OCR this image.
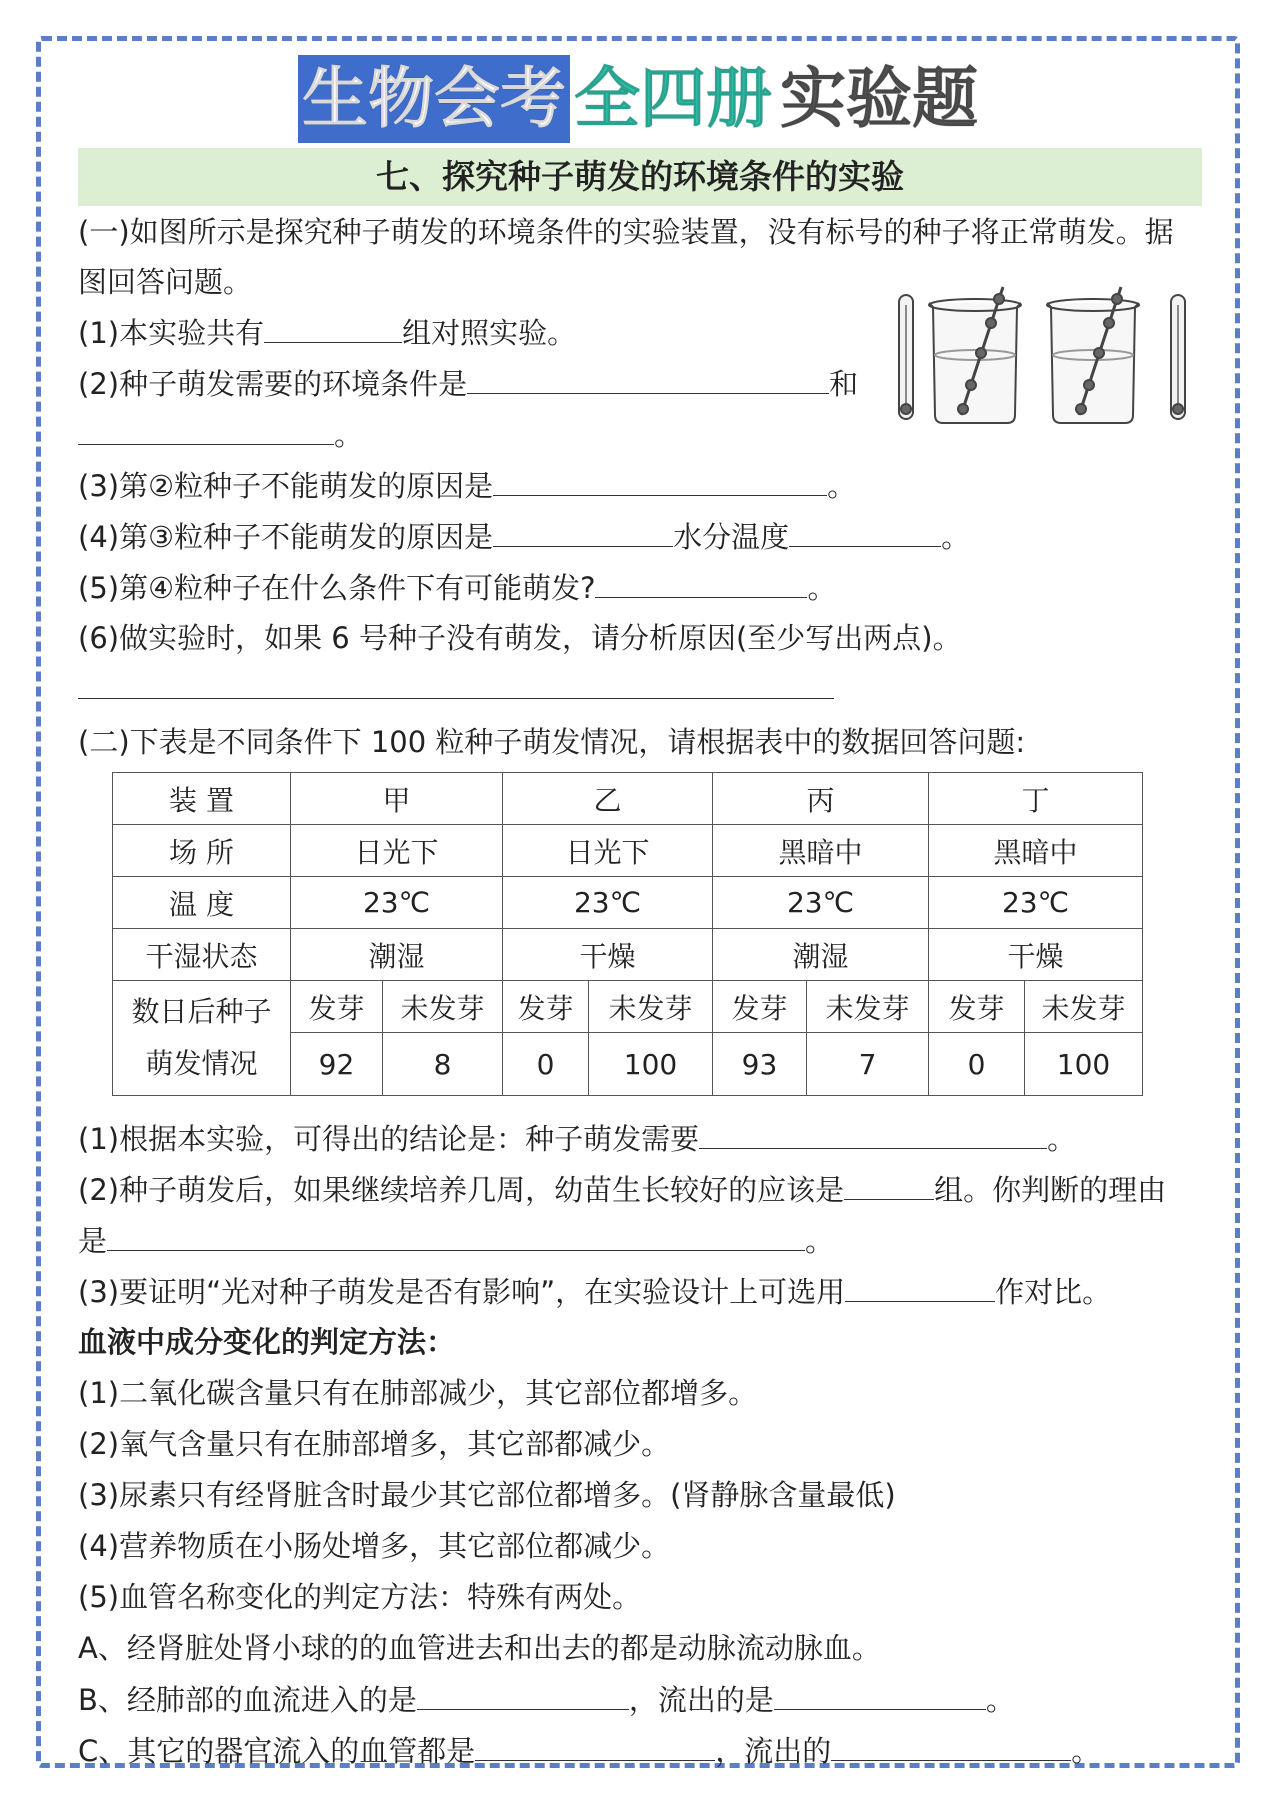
生物会考 全四册 实验题
七、探究种子萌发的环境条件的实验
(一)如图所示是探究种子萌发的环境条件的实验装置，没有标号的种子将正常萌发。据
图回答问题。
(1)本实验共有	组对照实验。
(2)种子萌发需要的环境条件是	和
。
(3)第②粒种子不能萌发的原因是	。
(4)第③粒种子不能萌发的原因是	水分温度	。
(5)第④粒种子在什么条件下有可能萌发?	。
(6)做实验时，如果 6 号种子没有萌发，请分析原因(至少写出两点)。
(二)下表是不同条件下 100 粒种子萌发情况，请根据表中的数据回答问题:
装 置	甲		乙		丙		丁	
场 所	日光下		日光下		黑暗中		黑暗中	
温 度	23℃		23℃		23℃		23℃	
干湿状态	潮湿		干燥		潮湿		干燥	
数日后种子
萌发情况	发芽	未发芽	发芽	未发芽	发芽	未发芽	发芽	未发芽
	92	8	0	100	93	7	0	100
(1)根据本实验，可得出的结论是：种子萌发需要	。
(2)种子萌发后，如果继续培养几周，幼苗生长较好的应该是	组。你判断的理由
是	。
(3)要证明“光对种子萌发是否有影响”，在实验设计上可选用	作对比。
血液中成分变化的判定方法：
(1)二氧化碳含量只有在肺部减少，其它部位都增多。
(2)氧气含量只有在肺部增多，其它部都减少。
(3)尿素只有经肾脏含时最少其它部位都增多。(肾静脉含量最低)
(4)营养物质在小肠处增多，其它部位都减少。
(5)血管名称变化的判定方法：特殊有两处。
A、经肾脏处肾小球的的血管进去和出去的都是动脉流动脉血。
B、经肺部的血流进入的是	，流出的是	。
C、其它的器官流入的血管都是	，流出的	。
